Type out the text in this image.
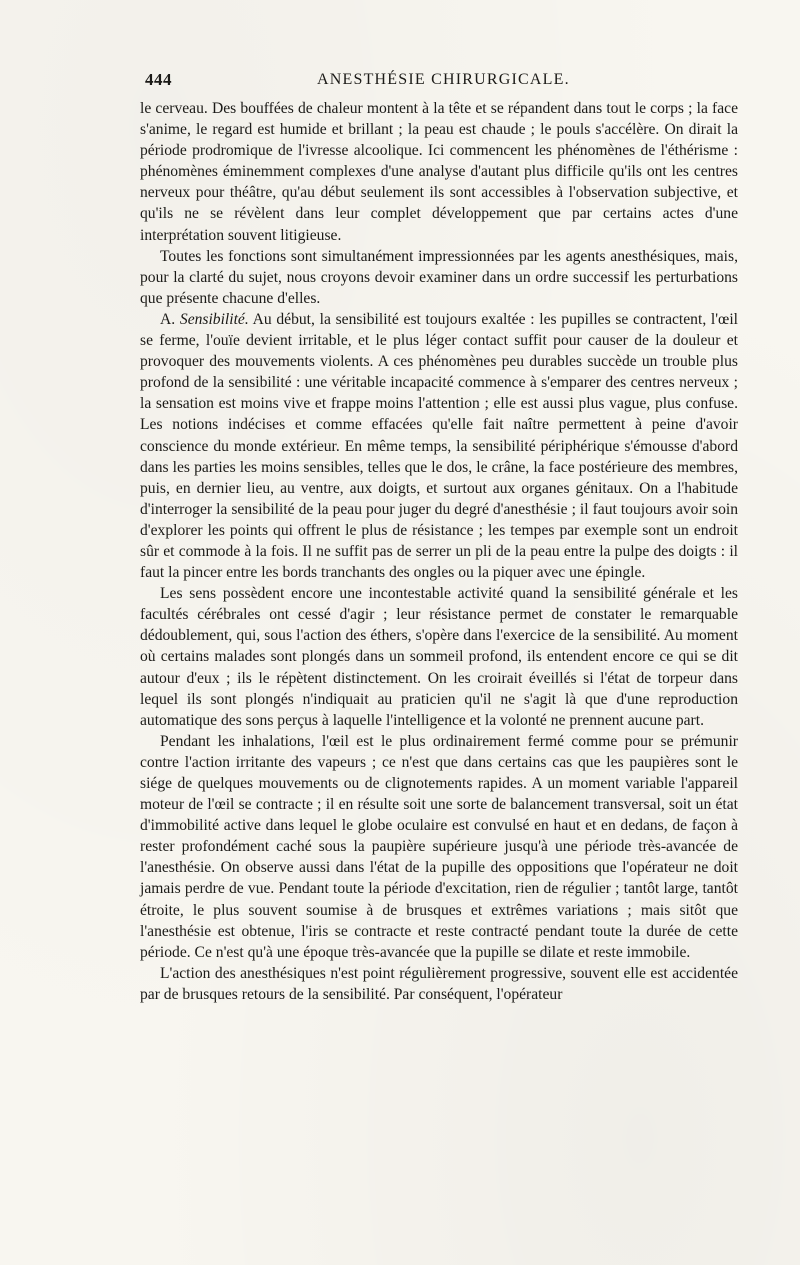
444	ANESTHÉSIE CHIRURGICALE.

le cerveau. Des bouffées de chaleur montent à la tête et se répandent dans tout le corps ; la face s'anime, le regard est humide et brillant ; la peau est chaude ; le pouls s'accélère. On dirait la période prodromique de l'ivresse alcoolique. Ici commencent les phénomènes de l'éthérisme : phénomènes éminemment complexes d'une analyse d'autant plus difficile qu'ils ont les centres nerveux pour théâtre, qu'au début seulement ils sont accessibles à l'observation subjective, et qu'ils ne se révèlent dans leur complet développement que par certains actes d'une interprétation souvent litigieuse.

Toutes les fonctions sont simultanément impressionnées par les agents anesthésiques, mais, pour la clarté du sujet, nous croyons devoir examiner dans un ordre successif les perturbations que présente chacune d'elles.

A. Sensibilité. Au début, la sensibilité est toujours exaltée : les pupilles se contractent, l'œil se ferme, l'ouïe devient irritable, et le plus léger contact suffit pour causer de la douleur et provoquer des mouvements violents. A ces phénomènes peu durables succède un trouble plus profond de la sensibilité : une véritable incapacité commence à s'emparer des centres nerveux ; la sensation est moins vive et frappe moins l'attention ; elle est aussi plus vague, plus confuse. Les notions indécises et comme effacées qu'elle fait naître permettent à peine d'avoir conscience du monde extérieur. En même temps, la sensibilité périphérique s'émousse d'abord dans les parties les moins sensibles, telles que le dos, le crâne, la face postérieure des membres, puis, en dernier lieu, au ventre, aux doigts, et surtout aux organes génitaux. On a l'habitude d'interroger la sensibilité de la peau pour juger du degré d'anesthésie ; il faut toujours avoir soin d'explorer les points qui offrent le plus de résistance ; les tempes par exemple sont un endroit sûr et commode à la fois. Il ne suffit pas de serrer un pli de la peau entre la pulpe des doigts : il faut la pincer entre les bords tranchants des ongles ou la piquer avec une épingle.

Les sens possèdent encore une incontestable activité quand la sensibilité générale et les facultés cérébrales ont cessé d'agir ; leur résistance permet de constater le remarquable dédoublement, qui, sous l'action des éthers, s'opère dans l'exercice de la sensibilité. Au moment où certains malades sont plongés dans un sommeil profond, ils entendent encore ce qui se dit autour d'eux ; ils le répètent distinctement. On les croirait éveillés si l'état de torpeur dans lequel ils sont plongés n'indiquait au praticien qu'il ne s'agit là que d'une reproduction automatique des sons perçus à laquelle l'intelligence et la volonté ne prennent aucune part.

Pendant les inhalations, l'œil est le plus ordinairement fermé comme pour se prémunir contre l'action irritante des vapeurs ; ce n'est que dans certains cas que les paupières sont le siége de quelques mouvements ou de clignotements rapides. A un moment variable l'appareil moteur de l'œil se contracte ; il en résulte soit une sorte de balancement transversal, soit un état d'immobilité active dans lequel le globe oculaire est convulsé en haut et en dedans, de façon à rester profondément caché sous la paupière supérieure jusqu'à une période très-avancée de l'anesthésie. On observe aussi dans l'état de la pupille des oppositions que l'opérateur ne doit jamais perdre de vue. Pendant toute la période d'excitation, rien de régulier ; tantôt large, tantôt étroite, le plus souvent soumise à de brusques et extrêmes variations ; mais sitôt que l'anesthésie est obtenue, l'iris se contracte et reste contracté pendant toute la durée de cette période. Ce n'est qu'à une époque très-avancée que la pupille se dilate et reste immobile.

L'action des anesthésiques n'est point régulièrement progressive, souvent elle est accidentée par de brusques retours de la sensibilité. Par conséquent, l'opérateur
